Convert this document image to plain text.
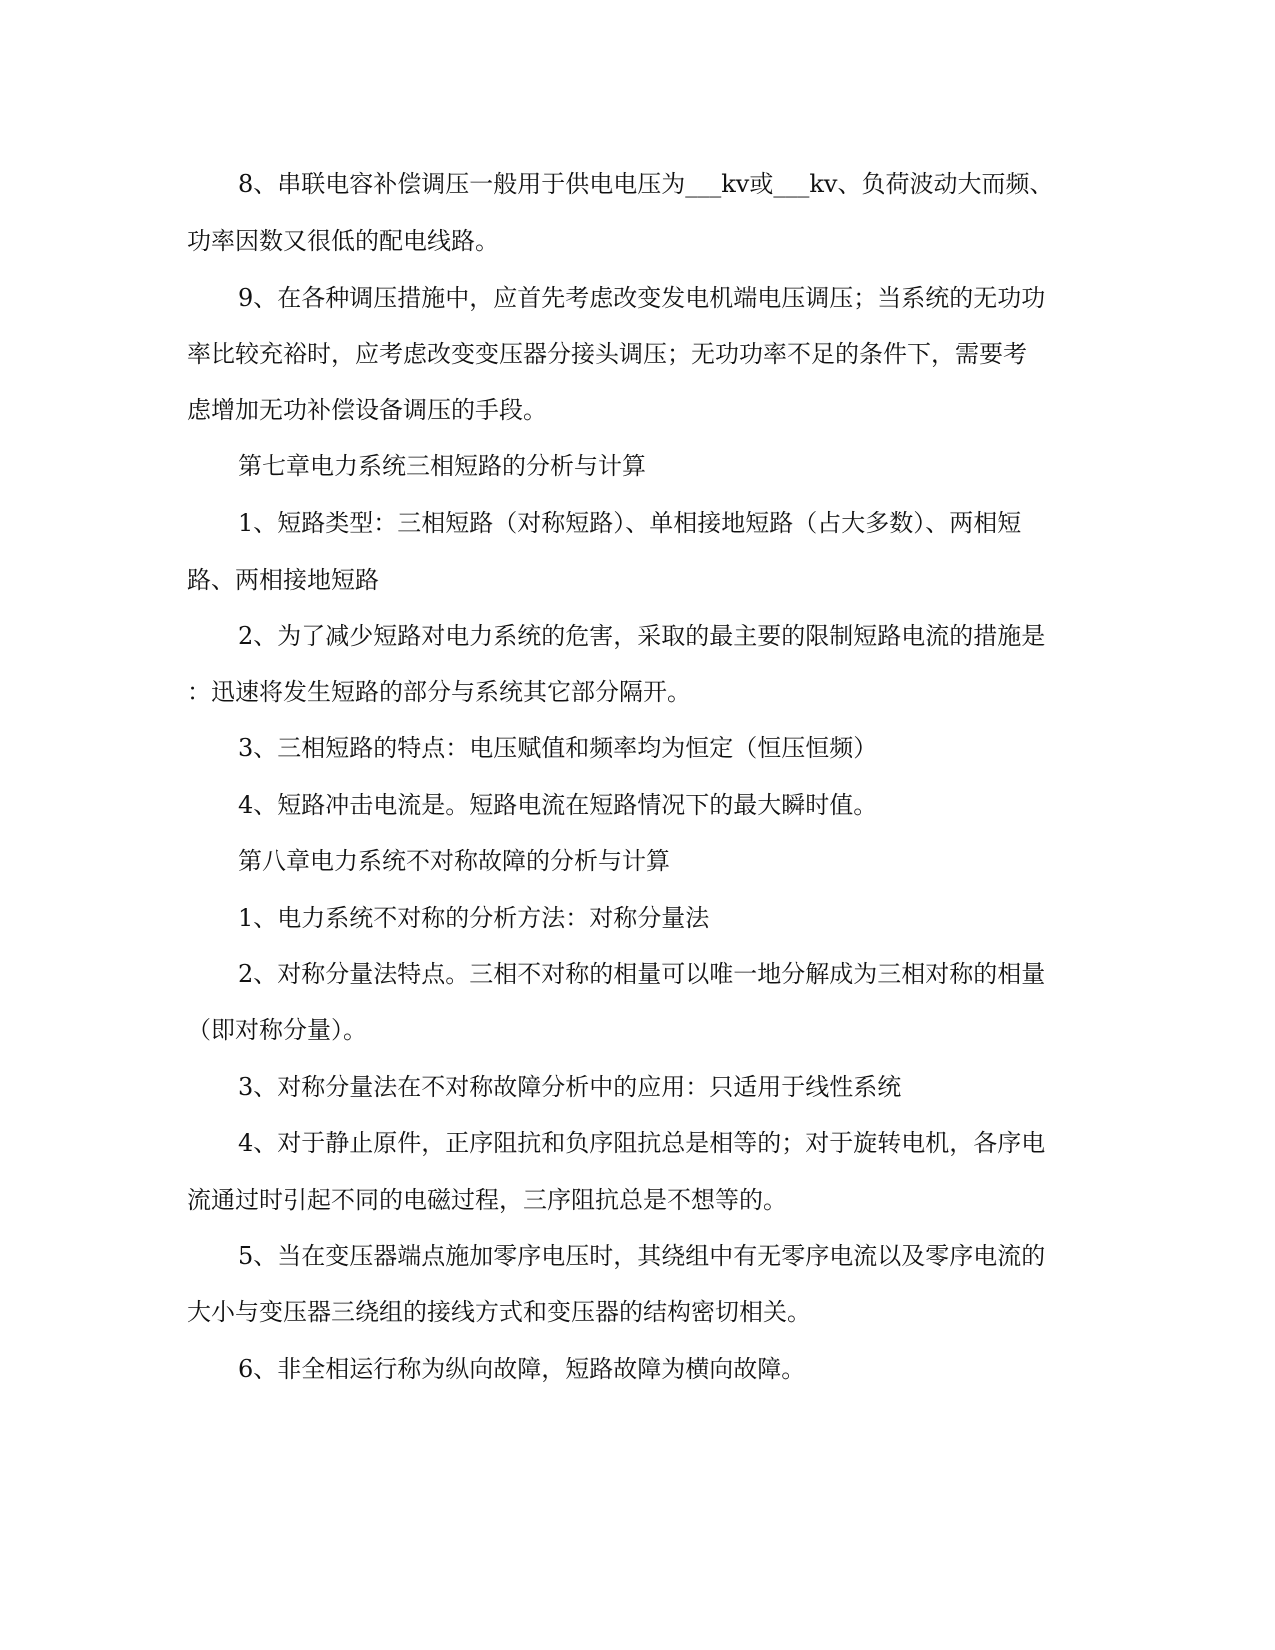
8、串联电容补偿调压一般用于供电电压为___kv或___kv、负荷波动大而频、
功率因数又很低的配电线路。
9、在各种调压措施中，应首先考虑改变发电机端电压调压；当系统的无功功
率比较充裕时，应考虑改变变压器分接头调压；无功功率不足的条件下，需要考
虑增加无功补偿设备调压的手段。
第七章电力系统三相短路的分析与计算
1、短路类型：三相短路（对称短路）、单相接地短路（占大多数）、两相短
路、两相接地短路
2、为了减少短路对电力系统的危害，采取的最主要的限制短路电流的措施是
：迅速将发生短路的部分与系统其它部分隔开。
3、三相短路的特点：电压赋值和频率均为恒定（恒压恒频）
4、短路冲击电流是。短路电流在短路情况下的最大瞬时值。
第八章电力系统不对称故障的分析与计算
1、电力系统不对称的分析方法：对称分量法
2、对称分量法特点。三相不对称的相量可以唯一地分解成为三相对称的相量
（即对称分量）。
3、对称分量法在不对称故障分析中的应用：只适用于线性系统
4、对于静止原件，正序阻抗和负序阻抗总是相等的；对于旋转电机，各序电
流通过时引起不同的电磁过程，三序阻抗总是不想等的。
5、当在变压器端点施加零序电压时，其绕组中有无零序电流以及零序电流的
大小与变压器三绕组的接线方式和变压器的结构密切相关。
6、非全相运行称为纵向故障，短路故障为横向故障。
